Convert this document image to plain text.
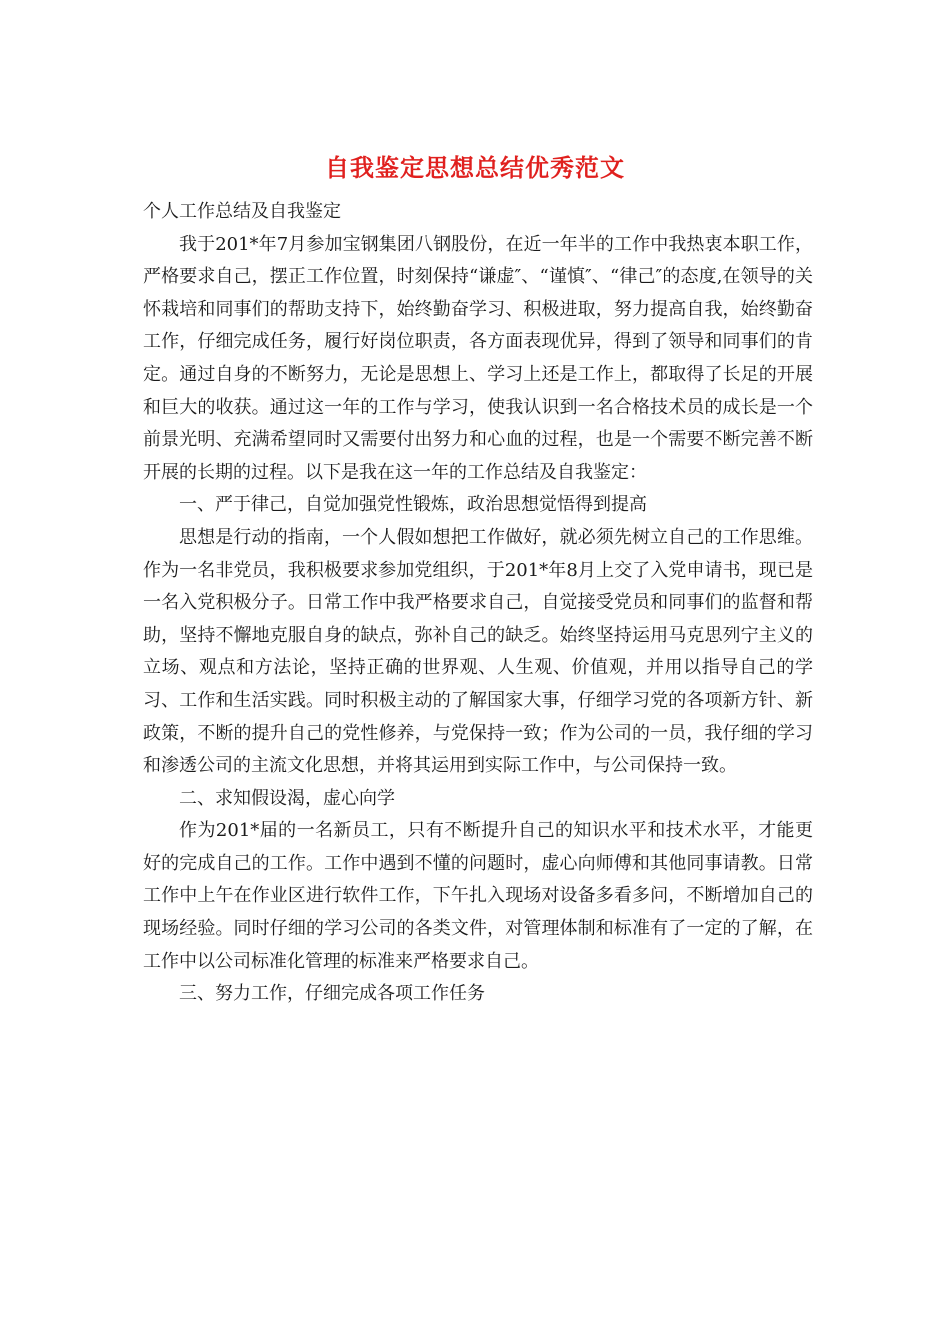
自我鉴定思想总结优秀范文

个人工作总结及自我鉴定

我于201*年7月参加宝钢集团八钢股份，在近一年半的工作中我热衷本职工作，严格要求自己，摆正工作位置，时刻保持“谦虚″、“谨慎″、“律己″的态度,在领导的关怀栽培和同事们的帮助支持下，始终勤奋学习、积极进取，努力提高自我，始终勤奋工作，仔细完成任务，履行好岗位职责，各方面表现优异，得到了领导和同事们的肯定。通过自身的不断努力，无论是思想上、学习上还是工作上，都取得了长足的开展和巨大的收获。通过这一年的工作与学习，使我认识到一名合格技术员的成长是一个前景光明、充满希望同时又需要付出努力和心血的过程，也是一个需要不断完善不断开展的长期的过程。以下是我在这一年的工作总结及自我鉴定：

一、严于律己，自觉加强党性锻炼，政治思想觉悟得到提高

思想是行动的指南，一个人假如想把工作做好，就必须先树立自己的工作思维。作为一名非党员，我积极要求参加党组织，于201*年8月上交了入党申请书，现已是一名入党积极分子。日常工作中我严格要求自己，自觉接受党员和同事们的监督和帮助，坚持不懈地克服自身的缺点，弥补自己的缺乏。始终坚持运用马克思列宁主义的立场、观点和方法论，坚持正确的世界观、人生观、价值观，并用以指导自己的学习、工作和生活实践。同时积极主动的了解国家大事，仔细学习党的各项新方针、新政策，不断的提升自己的党性修养，与党保持一致；作为公司的一员，我仔细的学习和渗透公司的主流文化思想，并将其运用到实际工作中，与公司保持一致。

二、求知假设渴，虚心向学

作为201*届的一名新员工，只有不断提升自己的知识水平和技术水平，才能更好的完成自己的工作。工作中遇到不懂的问题时，虚心向师傅和其他同事请教。日常工作中上午在作业区进行软件工作，下午扎入现场对设备多看多问，不断增加自己的现场经验。同时仔细的学习公司的各类文件，对管理体制和标准有了一定的了解，在工作中以公司标准化管理的标准来严格要求自己。

三、努力工作，仔细完成各项工作任务
